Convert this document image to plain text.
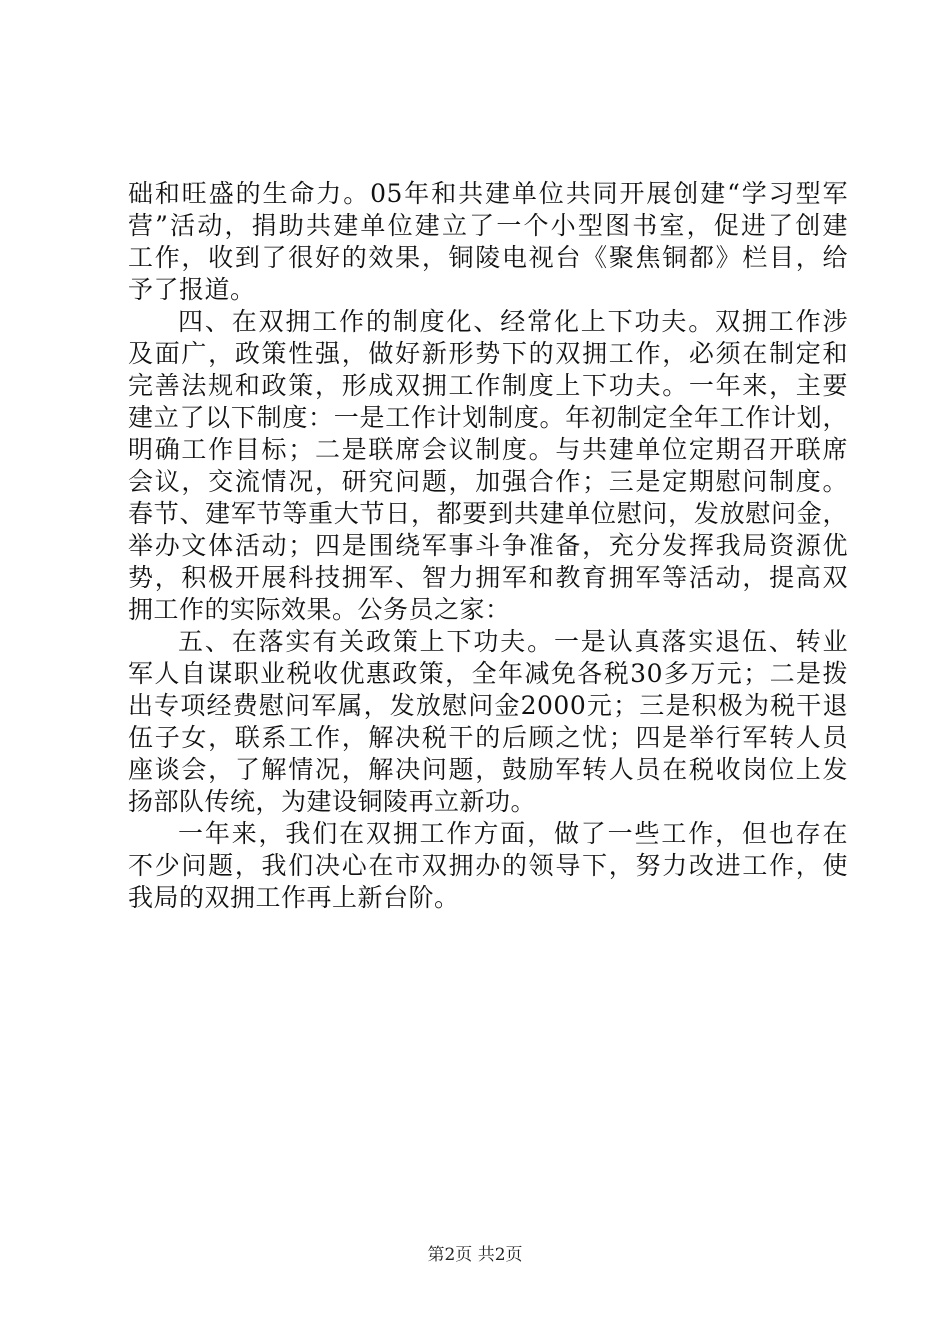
础和旺盛的生命力。05年和共建单位共同开展创建“学习型军
营”活动，捐助共建单位建立了一个小型图书室，促进了创建
工作，收到了很好的效果，铜陵电视台《聚焦铜都》栏目，给
予了报道。
四、在双拥工作的制度化、经常化上下功夫。双拥工作涉
及面广，政策性强，做好新形势下的双拥工作，必须在制定和
完善法规和政策，形成双拥工作制度上下功夫。一年来，主要
建立了以下制度：一是工作计划制度。年初制定全年工作计划，
明确工作目标；二是联席会议制度。与共建单位定期召开联席
会议，交流情况，研究问题，加强合作；三是定期慰问制度。
春节、建军节等重大节日，都要到共建单位慰问，发放慰问金，
举办文体活动；四是围绕军事斗争准备，充分发挥我局资源优
势，积极开展科技拥军、智力拥军和教育拥军等活动，提高双
拥工作的实际效果。公务员之家：
五、在落实有关政策上下功夫。一是认真落实退伍、转业
军人自谋职业税收优惠政策，全年减免各税30多万元；二是拨
出专项经费慰问军属，发放慰问金2000元；三是积极为税干退
伍子女，联系工作，解决税干的后顾之忧；四是举行军转人员
座谈会，了解情况，解决问题，鼓励军转人员在税收岗位上发
扬部队传统，为建设铜陵再立新功。
一年来，我们在双拥工作方面，做了一些工作，但也存在
不少问题，我们决心在市双拥办的领导下，努力改进工作，使
我局的双拥工作再上新台阶。
第2页 共2页
